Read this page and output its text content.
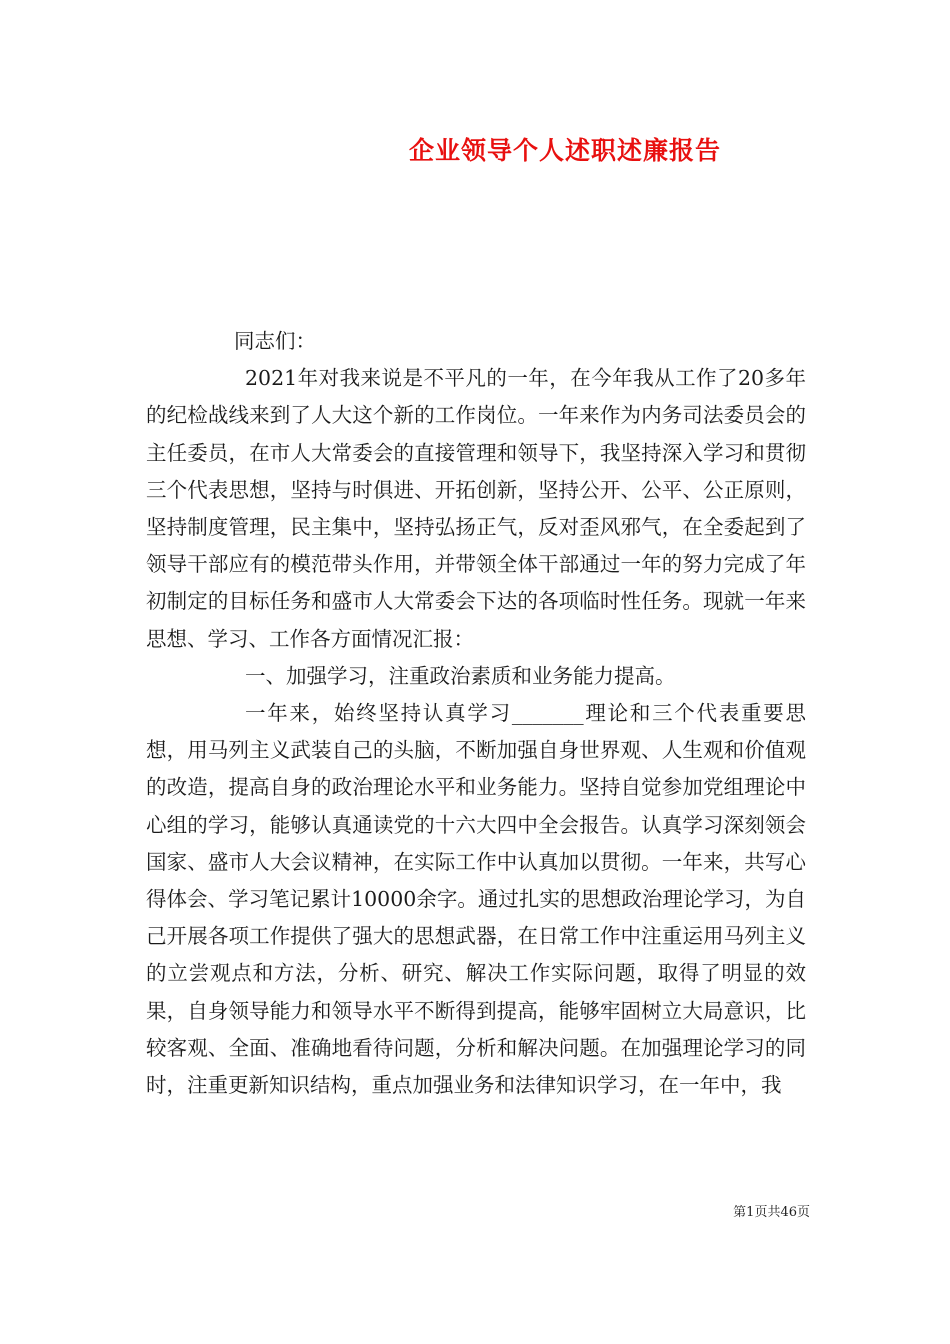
企业领导个人述职述廉报告

同志们：

2021年对我来说是不平凡的一年，在今年我从工作了20多年的纪检战线来到了人大这个新的工作岗位。一年来作为内务司法委员会的主任委员，在市人大常委会的直接管理和领导下，我坚持深入学习和贯彻三个代表思想，坚持与时俱进、开拓创新，坚持公开、公平、公正原则，坚持制度管理，民主集中，坚持弘扬正气，反对歪风邪气，在全委起到了领导干部应有的模范带头作用，并带领全体干部通过一年的努力完成了年初制定的目标任务和盛市人大常委会下达的各项临时性任务。现就一年来思想、学习、工作各方面情况汇报：

一、加强学习，注重政治素质和业务能力提高。

一年来，始终坚持认真学习_______理论和三个代表重要思想，用马列主义武装自己的头脑，不断加强自身世界观、人生观和价值观的改造，提高自身的政治理论水平和业务能力。坚持自觉参加党组理论中心组的学习，能够认真通读党的十六大四中全会报告。认真学习深刻领会国家、盛市人大会议精神，在实际工作中认真加以贯彻。一年来，共写心得体会、学习笔记累计10000余字。通过扎实的思想政治理论学习，为自己开展各项工作提供了强大的思想武器，在日常工作中注重运用马列主义的立尝观点和方法，分析、研究、解决工作实际问题，取得了明显的效果，自身领导能力和领导水平不断得到提高，能够牢固树立大局意识，比较客观、全面、准确地看待问题，分析和解决问题。在加强理论学习的同时，注重更新知识结构，重点加强业务和法律知识学习，在一年中，我

第1页共46页
